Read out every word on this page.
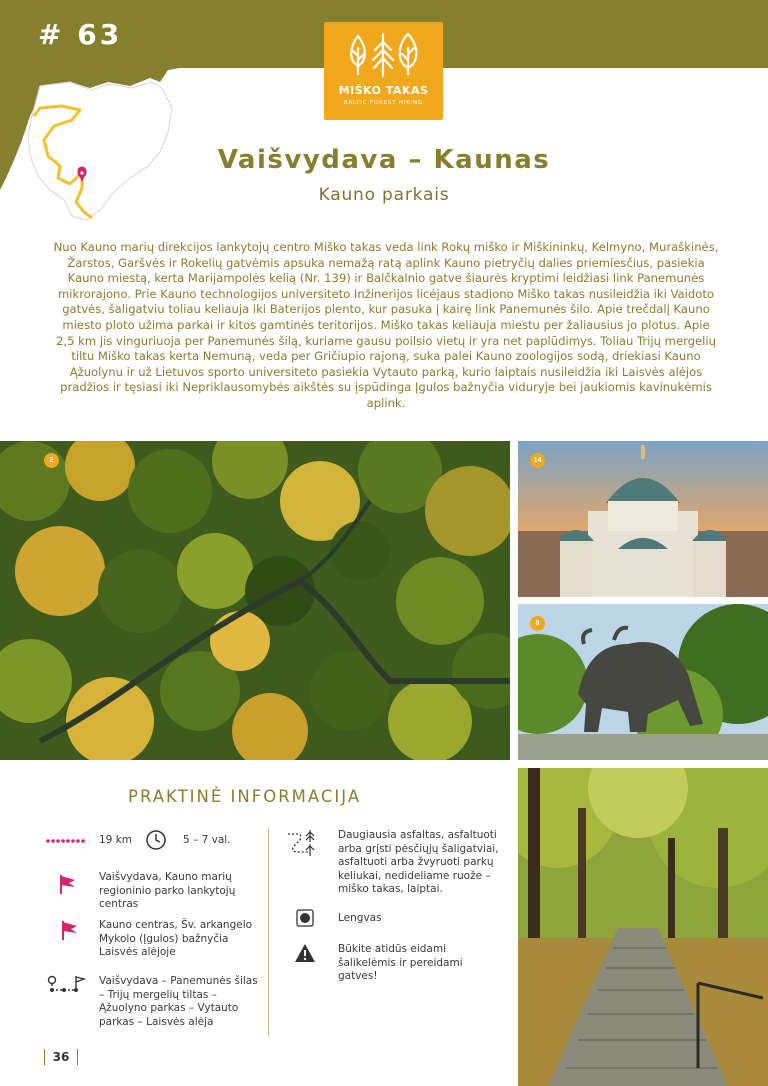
# 63
MIŠKO TAKAS
BALTIC FOREST HIKING
Vaišvydava – Kaunas
Kauno parkais
Nuo Kauno marių direkcijos lankytojų centro Miško takas veda link Rokų miško ir Miškininkų, Kelmyno, Muraškinės, Žarstos, Garšvės ir Rokelių gatvėmis apsuka nemažą ratą aplink Kauno pietryčių dalies priemiesčius, pasiekia Kauno miestą, kerta Marijampolės kelią (Nr. 139) ir Balčkalnio gatve šiaurės kryptimi leidžiasi link Panemunės mikrorajono. Prie Kauno technologijos universiteto Inžinerijos licėjaus stadiono Miško takas nusileidžia iki Vaidoto gatvės, šaligatviu toliau keliauja iki Baterijos plento, kur pasuka į kairę link Panemunės šilo. Apie trečdalį Kauno miesto ploto užima parkai ir kitos gamtinės teritorijos. Miško takas keliauja miestu per žaliausius jo plotus. Apie 2,5 km jis vinguriuoja per Panemunės šilą, kuriame gausu poilsio vietų ir yra net paplūdimys. Toliau Trijų mergelių tiltu Miško takas kerta Nemuną, veda per Gričiupio rajoną, suka palei Kauno zoologijos sodą, driekiasi Kauno Ąžuolynu ir už Lietuvos sporto universiteto pasiekia Vytauto parką, kurio laiptais nusileidžia iki Laisvės alėjos pradžios ir tęsiasi iki Nepriklausomybės aikštės su įspūdinga Įgulos bažnyčia viduryje bei jaukiomis kavinukėmis aplink.
2	14
8
PRAKTINĖ INFORMACIJA
19 km	5 – 7 val.
Vaišvydava, Kauno marių regioninio parko lankytojų centras
Kauno centras, Šv. arkangelo Mykolo (Įgulos) bažnyčia Laisvės alėjoje
Vaišvydava – Panemunės šilas – Trijų mergelių tiltas – Ąžuolyno parkas – Vytauto parkas – Laisvės alėja
Daugiausia asfaltas, asfaltuoti arba grįsti pėsčiųjų šaligatviai, asfaltuoti arba žvyruoti parkų keliukai, nedideliame ruože – miško takas, laiptai.
Lengvas
Būkite atidūs eidami šalikelėmis ir pereidami gatves!
36
